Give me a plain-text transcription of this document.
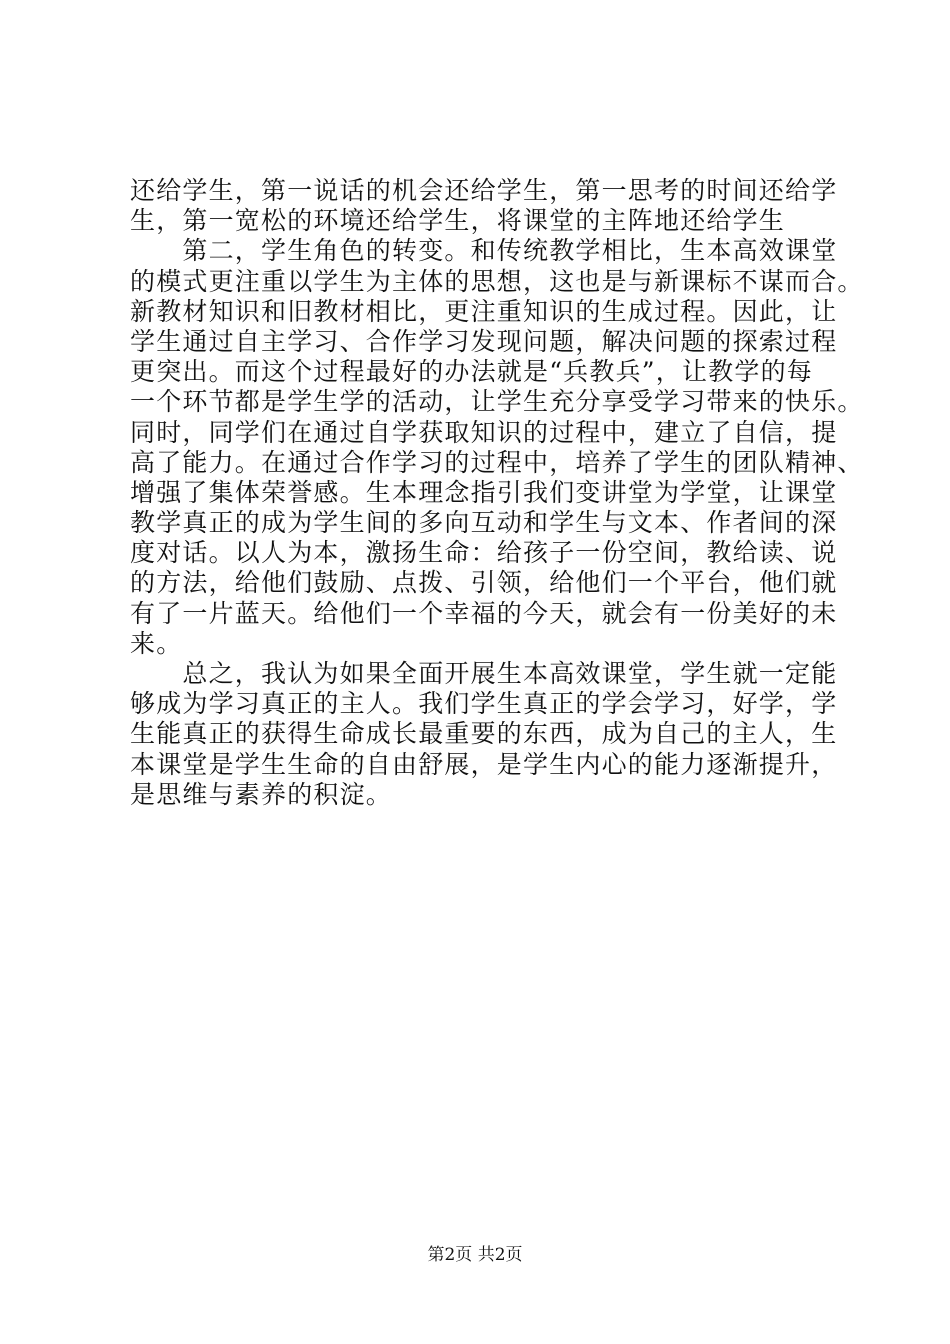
还给学生，第一说话的机会还给学生，第一思考的时间还给学
生，第一宽松的环境还给学生，将课堂的主阵地还给学生
　　第二，学生角色的转变。和传统教学相比，生本高效课堂
的模式更注重以学生为主体的思想，这也是与新课标不谋而合。
新教材知识和旧教材相比，更注重知识的生成过程。因此，让
学生通过自主学习、合作学习发现问题，解决问题的探索过程
更突出。而这个过程最好的办法就是“兵教兵”，让教学的每
一个环节都是学生学的活动，让学生充分享受学习带来的快乐。
同时，同学们在通过自学获取知识的过程中，建立了自信，提
高了能力。在通过合作学习的过程中，培养了学生的团队精神、
增强了集体荣誉感。生本理念指引我们变讲堂为学堂，让课堂
教学真正的成为学生间的多向互动和学生与文本、作者间的深
度对话。以人为本，激扬生命：给孩子一份空间，教给读、说
的方法，给他们鼓励、点拨、引领，给他们一个平台，他们就
有了一片蓝天。给他们一个幸福的今天，就会有一份美好的未
来。
　　总之，我认为如果全面开展生本高效课堂，学生就一定能
够成为学习真正的主人。我们学生真正的学会学习，好学，学
生能真正的获得生命成长最重要的东西，成为自己的主人，生
本课堂是学生生命的自由舒展，是学生内心的能力逐渐提升，
是思维与素养的积淀。
第2页 共2页
